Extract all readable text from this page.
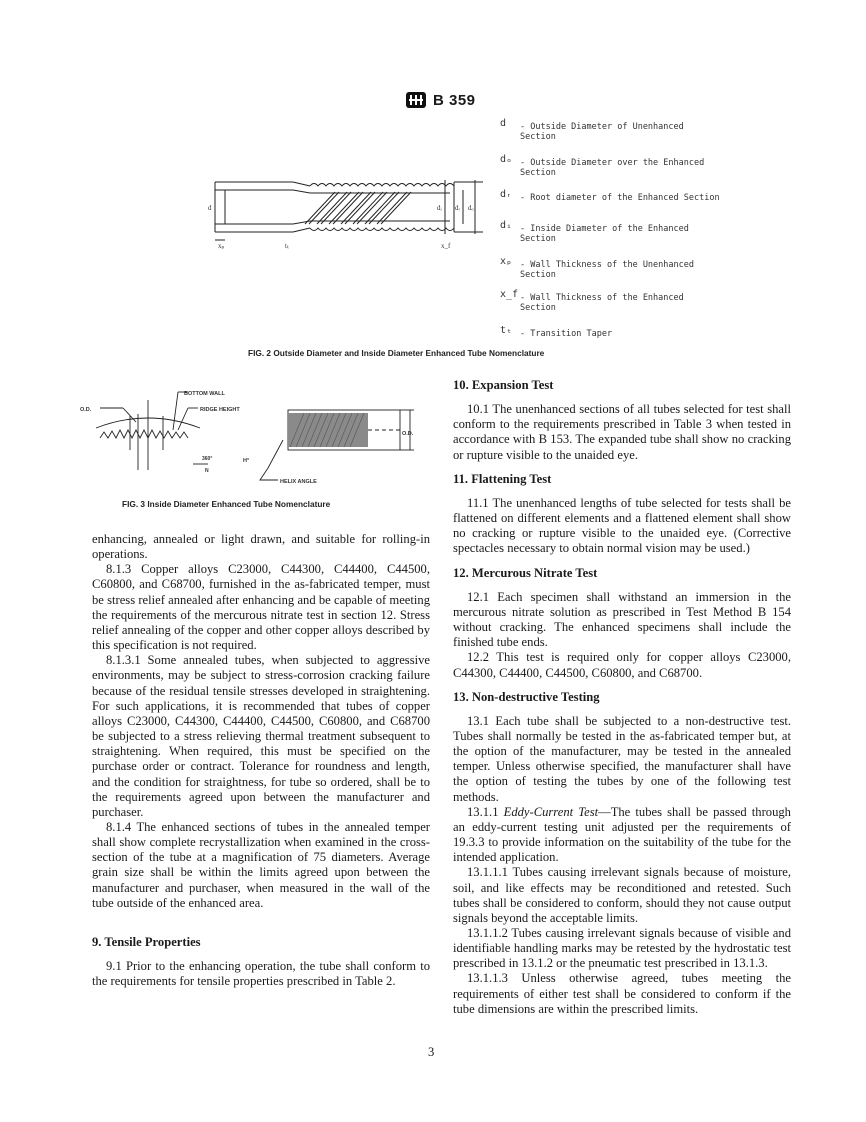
B 359
d	dᵢ dᵣ dₒ
xₚ	tₜ	x_f
d - Outside Diameter of Unenhanced Section
dₒ - Outside Diameter over the Enhanced Section
dᵣ - Root diameter of the Enhanced Section
dᵢ - Inside Diameter of the Enhanced Section
xₚ - Wall Thickness of the Unenhanced Section
x_f - Wall Thickness of the Enhanced Section
tₜ - Transition Taper
FIG. 2 Outside Diameter and Inside Diameter Enhanced Tube Nomenclature
BOTTOM WALL
RIDGE HEIGHT
O.D.
O.D.
360°
N
H°
HELIX ANGLE
FIG. 3 Inside Diameter Enhanced Tube Nomenclature

enhancing, annealed or light drawn, and suitable for rolling-in operations.

8.1.3 Copper alloys C23000, C44300, C44400, C44500, C60800, and C68700, furnished in the as-fabricated temper, must be stress relief annealed after enhancing and be capable of meeting the requirements of the mercurous nitrate test in section 12. Stress relief annealing of the copper and other copper alloys described by this specification is not required.

8.1.3.1 Some annealed tubes, when subjected to aggressive environments, may be subject to stress-corrosion cracking failure because of the residual tensile stresses developed in straightening. For such applications, it is recommended that tubes of copper alloys C23000, C44300, C44400, C44500, C60800, and C68700 be subjected to a stress relieving thermal treatment subsequent to straightening. When required, this must be specified on the purchase order or contract. Tolerance for roundness and length, and the condition for straightness, for tube so ordered, shall be to the requirements agreed upon between the manufacturer and purchaser.

8.1.4 The enhanced sections of tubes in the annealed temper shall show complete recrystallization when examined in the cross-section of the tube at a magnification of 75 diameters. Average grain size shall be within the limits agreed upon between the manufacturer and purchaser, when measured in the wall of the tube outside of the enhanced area.

9. Tensile Properties

9.1 Prior to the enhancing operation, the tube shall conform to the requirements for tensile properties prescribed in Table 2.

10. Expansion Test

10.1 The unenhanced sections of all tubes selected for test shall conform to the requirements prescribed in Table 3 when tested in accordance with B 153. The expanded tube shall show no cracking or rupture visible to the unaided eye.

11. Flattening Test

11.1 The unenhanced lengths of tube selected for tests shall be flattened on different elements and a flattened element shall show no cracking or rupture visible to the unaided eye. (Corrective spectacles necessary to obtain normal vision may be used.)

12. Mercurous Nitrate Test

12.1 Each specimen shall withstand an immersion in the mercurous nitrate solution as prescribed in Test Method B 154 without cracking. The enhanced specimens shall include the finished tube ends.

12.2 This test is required only for copper alloys C23000, C44300, C44400, C44500, C60800, and C68700.

13. Non-destructive Testing

13.1 Each tube shall be subjected to a non-destructive test. Tubes shall normally be tested in the as-fabricated temper but, at the option of the manufacturer, may be tested in the annealed temper. Unless otherwise specified, the manufacturer shall have the option of testing the tubes by one of the following test methods.

13.1.1 Eddy-Current Test—The tubes shall be passed through an eddy-current testing unit adjusted per the requirements of 19.3.3 to provide information on the suitability of the tube for the intended application.

13.1.1.1 Tubes causing irrelevant signals because of moisture, soil, and like effects may be reconditioned and retested. Such tubes shall be considered to conform, should they not cause output signals beyond the acceptable limits.

13.1.1.2 Tubes causing irrelevant signals because of visible and identifiable handling marks may be retested by the hydrostatic test prescribed in 13.1.2 or the pneumatic test prescribed in 13.1.3.

13.1.1.3 Unless otherwise agreed, tubes meeting the requirements of either test shall be considered to conform if the tube dimensions are within the prescribed limits.

3
